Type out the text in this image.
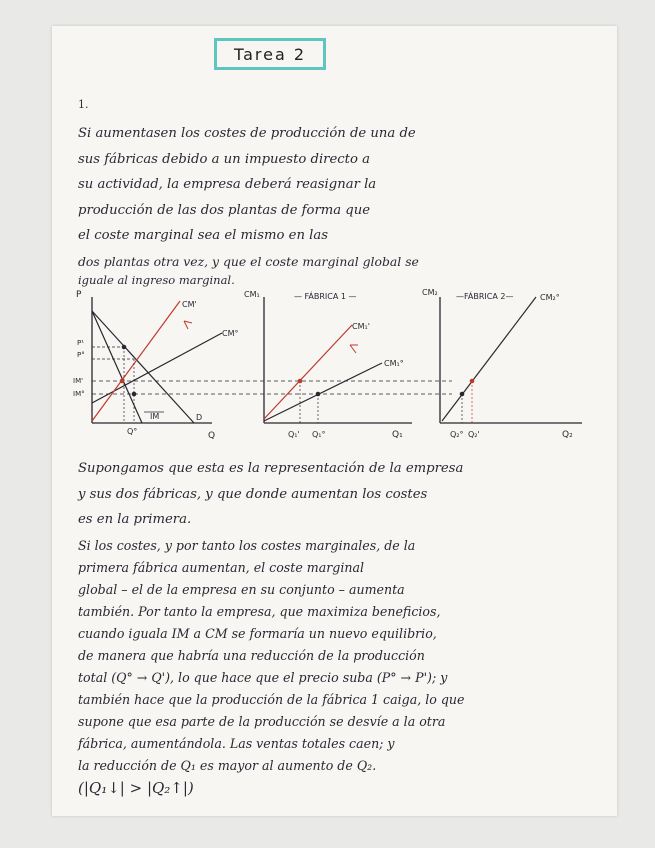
Tarea 2
1.
Si aumentasen los costes de producción de una de
sus fábricas debido a un impuesto directo a
su actividad, la empresa deberá reasignar la
producción de las dos plantas de forma que
el coste marginal sea el mismo en las
dos plantas otra vez, y que el coste marginal global se
iguale al ingreso marginal.
P
Q
D
IM
CM°
CM'
P¹
P°
IM'
IM°
Q°
CM₁	— FÁBRICA 1 —
Q₁
CM₁'
CM₁°
Q₁' Q₁°
CM₂ —FÁBRICA 2—
Q₂
CM₂°
Q₂° Q₂'
Supongamos que esta es la representación de la empresa
y sus dos fábricas, y que donde aumentan los costes
es en la primera.
Si los costes, y por tanto los costes marginales, de la
primera fábrica aumentan, el coste marginal
global – el de la empresa en su conjunto – aumenta
también. Por tanto la empresa, que maximiza beneficios,
cuando iguala IM a CM se formaría un nuevo equilibrio,
de manera que habría una reducción de la producción
total (Q° → Q'), lo que hace que el precio suba (P° → P'); y
también hace que la producción de la fábrica 1 caiga, lo que
supone que esa parte de la producción se desvíe a la otra
fábrica, aumentándola. Las ventas totales caen; y
la reducción de Q₁ es mayor al aumento de Q₂.
(|Q₁↓| > |Q₂↑|)
